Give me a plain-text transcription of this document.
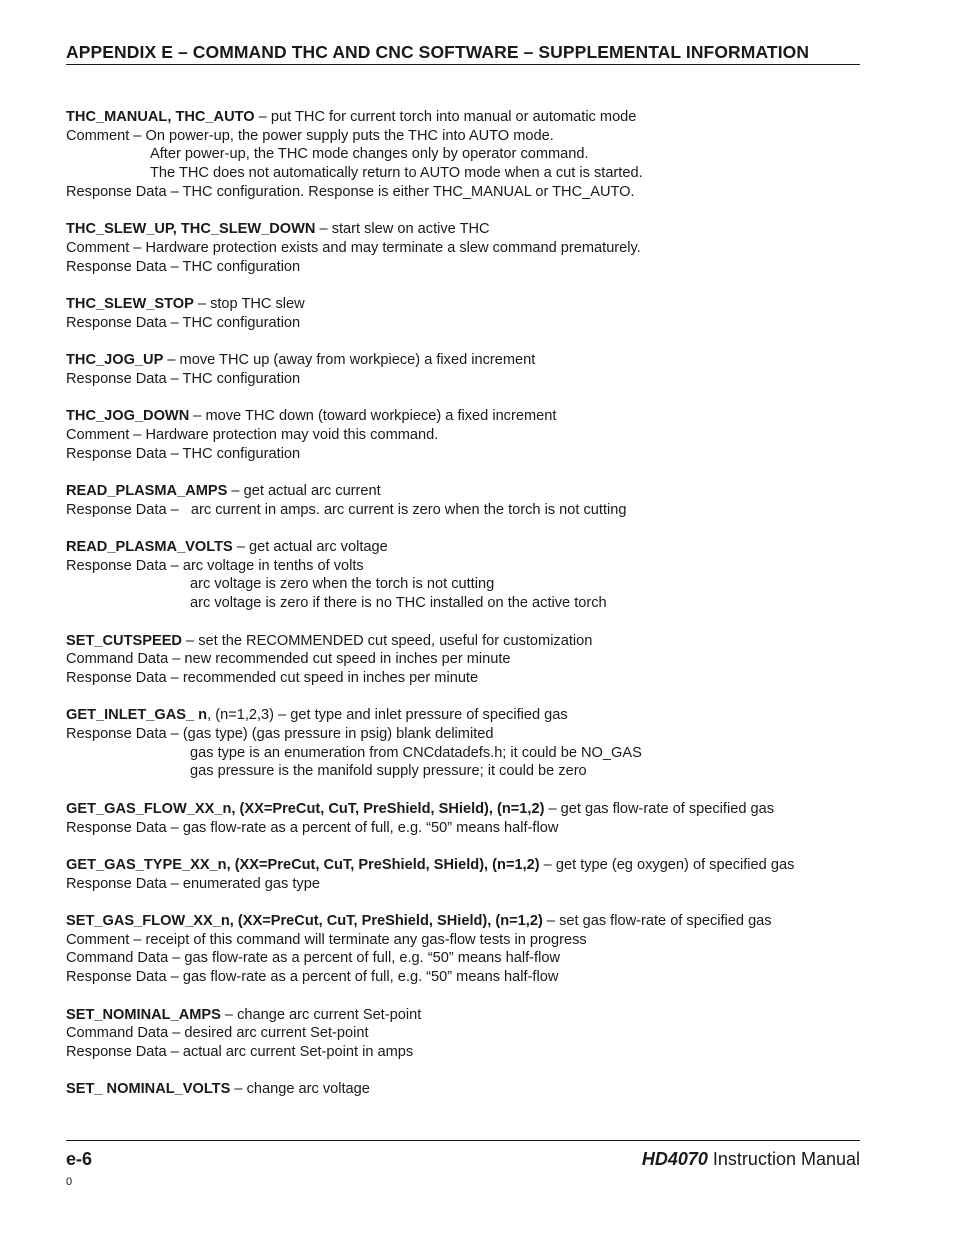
APPENDIX E – COMMAND THC AND CNC SOFTWARE – SUPPLEMENTAL INFORMATION
THC_MANUAL, THC_AUTO – put THC for current torch into manual or automatic mode
Comment – On power-up, the power supply puts the THC into AUTO mode.
After power-up, the THC mode changes only by operator command.
The THC does not automatically return to AUTO mode when a cut is started.
Response Data – THC configuration. Response is either THC_MANUAL or THC_AUTO.
THC_SLEW_UP, THC_SLEW_DOWN – start slew on active THC
Comment – Hardware protection exists and may terminate a slew command prematurely.
Response Data – THC configuration
THC_SLEW_STOP – stop THC slew
Response Data – THC configuration
THC_JOG_UP – move THC up (away from workpiece) a fixed increment
Response Data – THC configuration
THC_JOG_DOWN – move THC down (toward workpiece) a fixed increment
Comment – Hardware protection may void this command.
Response Data – THC configuration
READ_PLASMA_AMPS – get actual arc current
Response Data –   arc current in amps. arc current is zero when the torch is not cutting
READ_PLASMA_VOLTS – get actual arc voltage
Response Data – arc voltage in tenths of volts
arc voltage is zero when the torch is not cutting
arc voltage is zero if there is no THC installed on the active torch
SET_CUTSPEED – set the RECOMMENDED cut speed, useful for customization
Command Data – new recommended cut speed in inches per minute
Response Data – recommended cut speed in inches per minute
GET_INLET_GAS_ n, (n=1,2,3) – get type and inlet pressure of specified gas
Response Data – (gas type) (gas pressure in psig) blank delimited
gas type is an enumeration from CNCdatadefs.h; it could be NO_GAS
gas pressure is the manifold supply pressure; it could be zero
GET_GAS_FLOW_XX_n, (XX=PreCut, CuT, PreShield, SHield), (n=1,2) – get gas flow-rate of specified gas
Response Data – gas flow-rate as a percent of full, e.g. “50” means half-flow
GET_GAS_TYPE_XX_n, (XX=PreCut, CuT, PreShield, SHield), (n=1,2) – get type (eg oxygen) of specified gas
Response Data – enumerated gas type
SET_GAS_FLOW_XX_n, (XX=PreCut, CuT, PreShield, SHield), (n=1,2) – set gas flow-rate of specified gas
Comment – receipt of this command will terminate any gas-flow tests in progress
Command Data – gas flow-rate as a percent of full, e.g. “50” means half-flow
Response Data – gas flow-rate as a percent of full, e.g. “50” means half-flow
SET_NOMINAL_AMPS – change arc current Set-point
Command Data – desired arc current Set-point
Response Data – actual arc current Set-point in amps
SET_ NOMINAL_VOLTS – change arc voltage
e-6	HD4070 Instruction Manual
0
